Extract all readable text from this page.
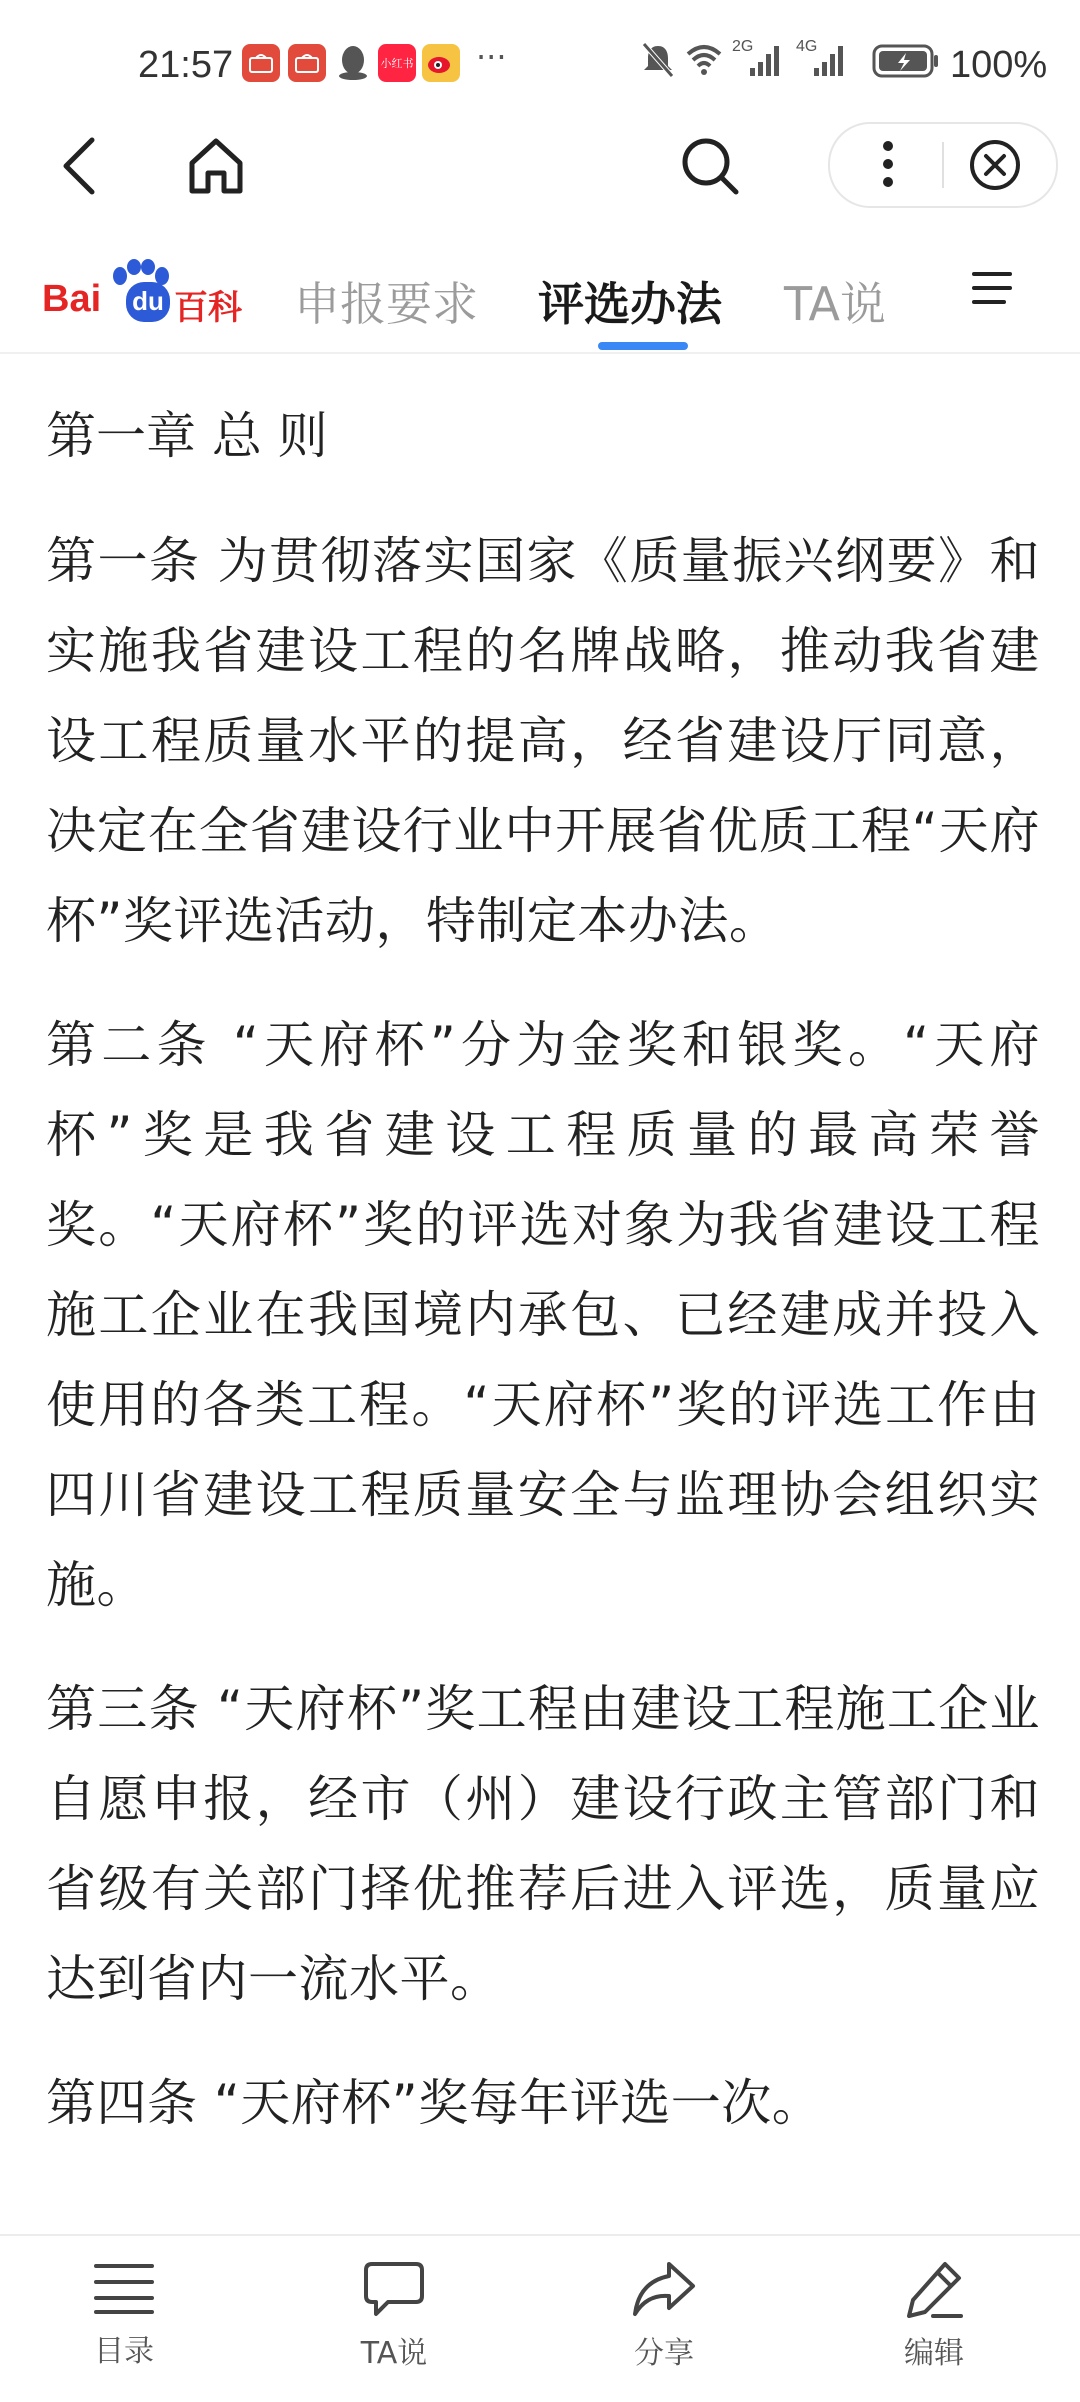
21:57	小红书 ···	2G	4G	100%
Bai du 百科 申报要求 评选办法 TA说

第一章 总 则

第一条 为贯彻落实国家《质量振兴纲要》和实施我省建设工程的名牌战略，推动我省建设工程质量水平的提高，经省建设厅同意，决定在全省建设行业中开展省优质工程“天府杯”奖评选活动，特制定本办法。

第二条 “天府杯”分为金奖和银奖。“天府杯”奖是我省建设工程质量的最高荣誉奖。“天府杯”奖的评选对象为我省建设工程施工企业在我国境内承包、已经建成并投入使用的各类工程。“天府杯”奖的评选工作由四川省建设工程质量安全与监理协会组织实施。

第三条 “天府杯”奖工程由建设工程施工企业自愿申报，经市（州）建设行政主管部门和省级有关部门择优推荐后进入评选，质量应达到省内一流水平。

第四条 “天府杯”奖每年评选一次。

目录	TA说	分享	编辑
